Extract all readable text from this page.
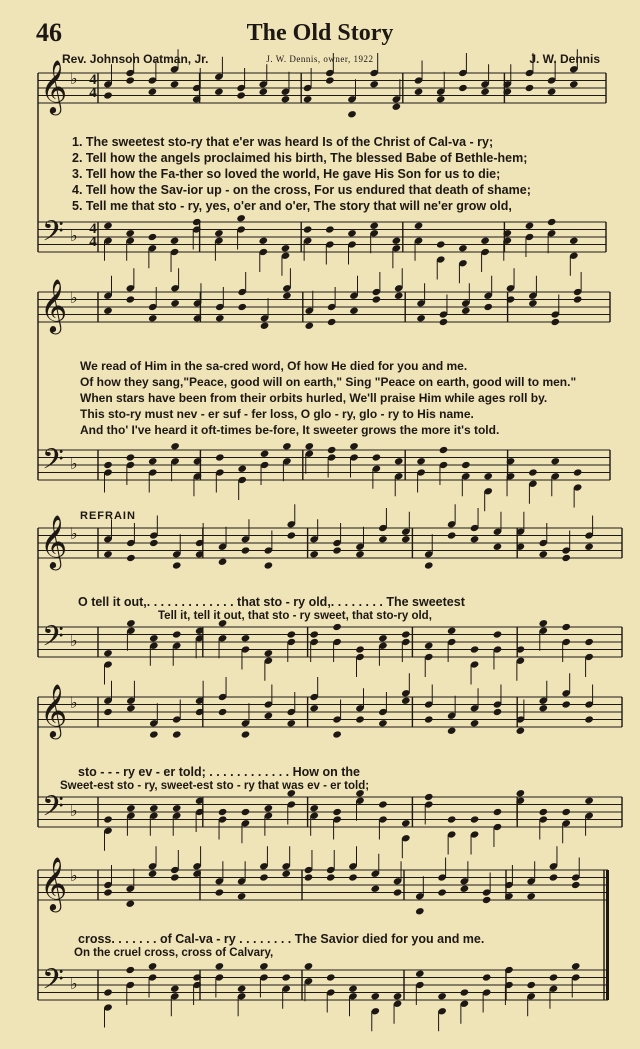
46	The Old Story
Rev. Johnson Oatman, Jr.	J. W. Dennis, owner, 1922	J. W. Dennis
𝄞
𝄢
♭
♭
4
4
4
4
𝄞
𝄢
♭
♭
𝄞
𝄢
♭
♭
𝄞
𝄢
♭
♭
𝄞
𝄢
♭
♭
1. The sweetest sto-ry that e'er was heard Is of the Christ of Cal-va - ry;
2. Tell how the angels proclaimed his birth, The blessed Babe of Bethle-hem;
3. Tell how the Fa-ther so loved the world, He gave His Son for us to die;
4. Tell how the Sav-ior up - on the cross, For us endured that death of shame;
5. Tell me that sto - ry, yes, o'er and o'er, The story that will ne'er grow old,
We read of Him in the sa-cred word, Of how He died for you and me.
Of how they sang,"Peace, good will on earth," Sing "Peace on earth, good will to men."
When stars have been from their orbits hurled, We'll praise Him while ages roll by.
This sto-ry must nev - er suf - fer loss, O glo - ry, glo - ry to His name.
And tho' I've heard it oft-times be-fore, It sweeter grows the more it's told.
REFRAIN
O tell it out,. . . . . . . . . . . . . that sto - ry old,. . . . . . . . The sweetest
Tell it, tell it out, that sto - ry sweet, that sto-ry old,
sto - - - ry ev - er told; . . . . . . . . . . . . How on the
Sweet-est sto - ry, sweet-est sto - ry that was ev - er told;
cross. . . . . . . of Cal-va - ry . . . . . . . . The Savior died for you and me.
On the cruel cross, cross of Calvary,
